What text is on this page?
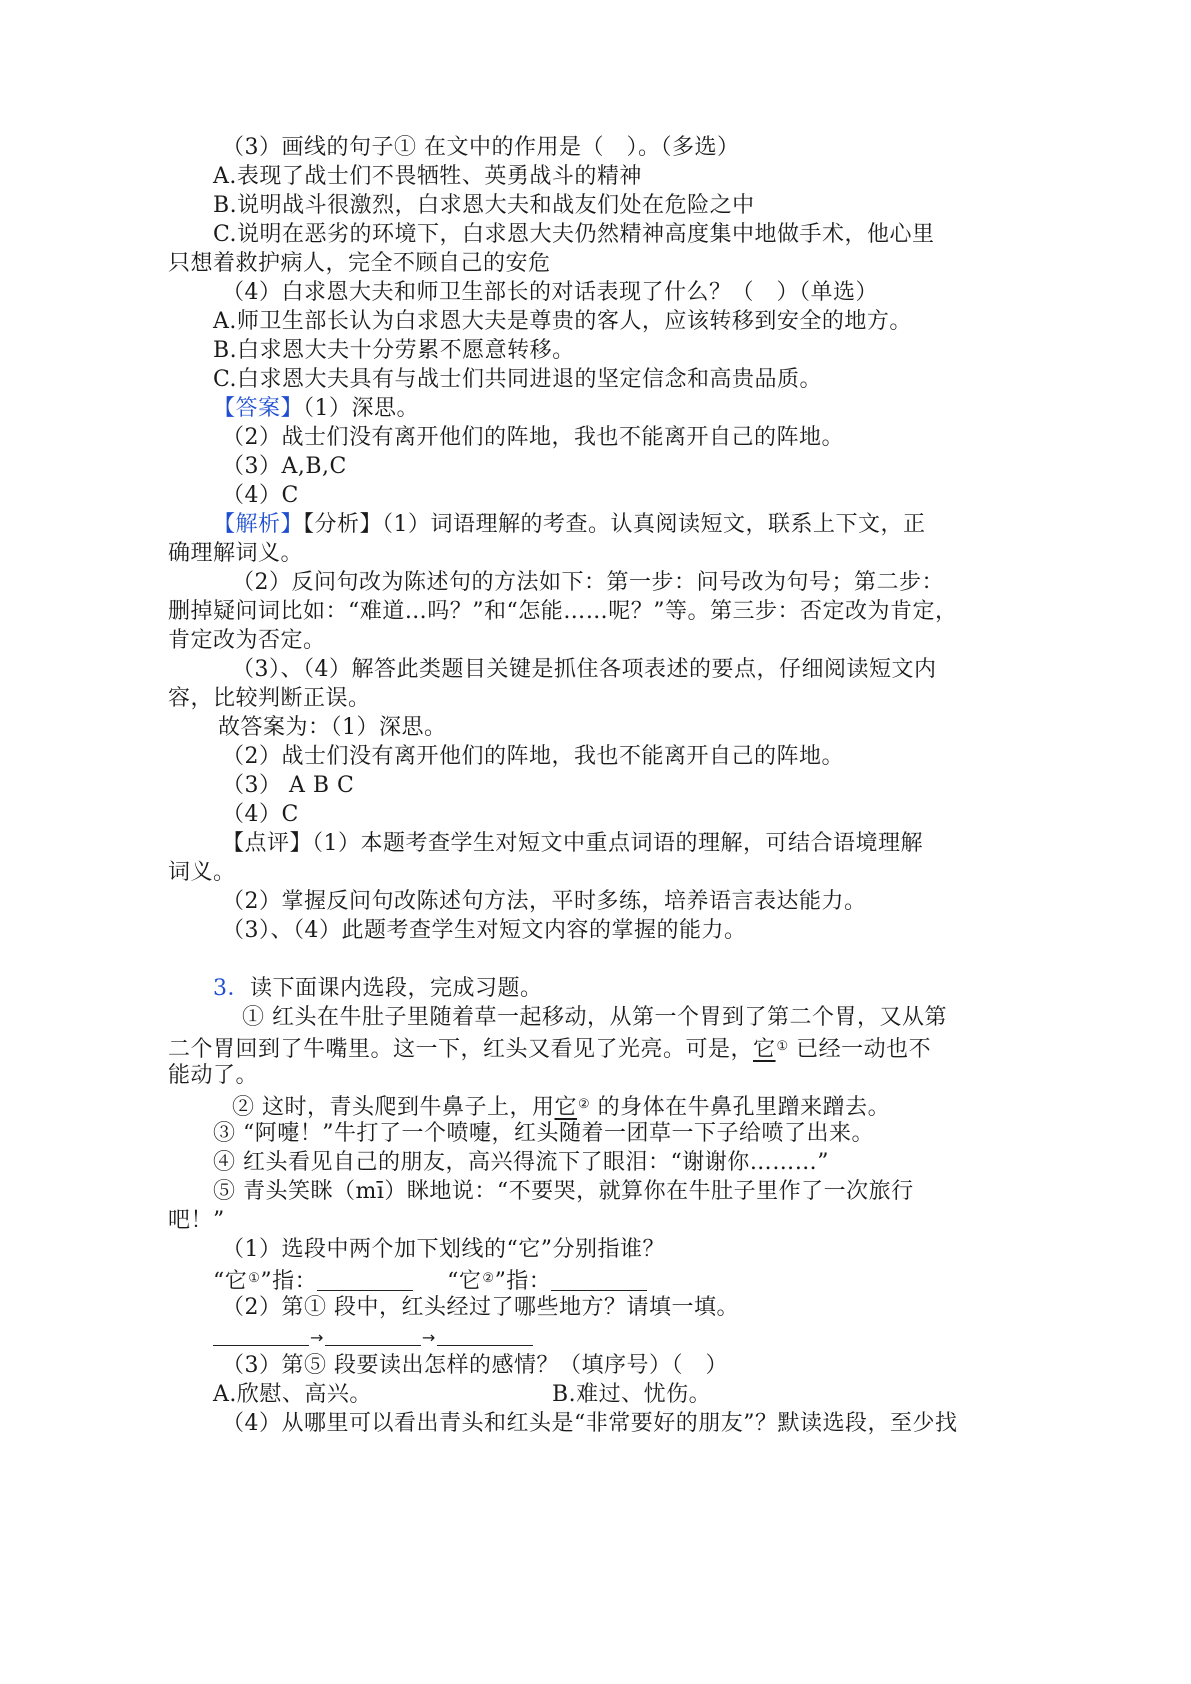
（3）画线的句子① 在文中的作用是（　）。（多选）
A.表现了战士们不畏牺牲、英勇战斗的精神
B.说明战斗很激烈，白求恩大夫和战友们处在危险之中
C.说明在恶劣的环境下，白求恩大夫仍然精神高度集中地做手术，他心里
只想着救护病人，完全不顾自己的安危
（4）白求恩大夫和师卫生部长的对话表现了什么？（　）（单选）
A.师卫生部长认为白求恩大夫是尊贵的客人，应该转移到安全的地方。
B.白求恩大夫十分劳累不愿意转移。
C.白求恩大夫具有与战士们共同进退的坚定信念和高贵品质。
【答案】（1）深思。
（2）战士们没有离开他们的阵地，我也不能离开自己的阵地。
（3）A,B,C
（4）C
【解析】【分析】（1）词语理解的考查。认真阅读短文，联系上下文，正
确理解词义。
（2）反问句改为陈述句的方法如下：第一步：问号改为句号；第二步：
删掉疑问词比如：“难道…吗？”和“怎能……呢？”等。第三步：否定改为肯定，
肯定改为否定。
（3）、（4）解答此类题目关键是抓住各项表述的要点，仔细阅读短文内
容，比较判断正误。
故答案为：（1）深思。
（2）战士们没有离开他们的阵地，我也不能离开自己的阵地。
（3） A B C
（4）C
【点评】（1）本题考查学生对短文中重点词语的理解，可结合语境理解
词义。
（2）掌握反问句改陈述句方法，平时多练，培养语言表达能力。
（3）、（4）此题考查学生对短文内容的掌握的能力。
3．读下面课内选段，完成习题。
① 红头在牛肚子里随着草一起移动，从第一个胃到了第二个胃，又从第
二个胃回到了牛嘴里。这一下，红头又看见了光亮。可是，它① 已经一动也不
能动了。
② 这时，青头爬到牛鼻子上，用它② 的身体在牛鼻孔里蹭来蹭去。
③ “阿嚏！”牛打了一个喷嚏，红头随着一团草一下子给喷了出来。
④ 红头看见自己的朋友，高兴得流下了眼泪：“谢谢你………”
⑤ 青头笑眯（mī）眯地说：“不要哭，就算你在牛肚子里作了一次旅行
吧！”
（1）选段中两个加下划线的“它”分别指谁？
“它①”指：	“它②”指：
（2）第① 段中，红头经过了哪些地方？请填一填。
→	→
（3）第⑤ 段要读出怎样的感情？（填序号）（　）
A.欣慰、高兴。	B.难过、忧伤。
（4）从哪里可以看出青头和红头是“非常要好的朋友”？默读选段，至少找
